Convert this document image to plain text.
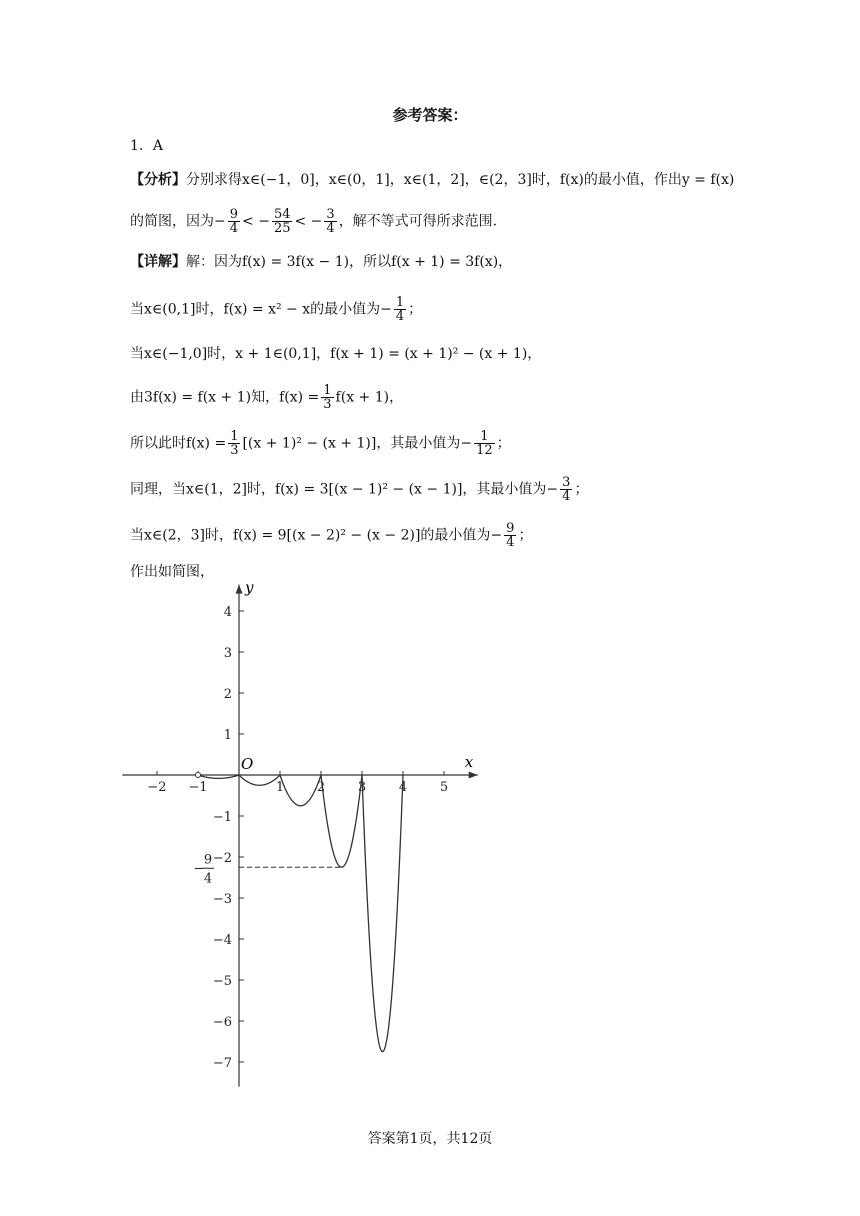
参考答案：
1．A
【分析】分别求得x∈(−1，0]，x∈(0，1]，x∈(1，2]，∈(2，3]时，f(x)的最小值，作出y = f(x)
的简图，因为− $\frac{9}{4}$ < − $\frac{54}{25}$ < − $\frac{3}{4}$ ，解不等式可得所求范围.
【详解】解：因为f(x) = 3f(x − 1)，所以f(x + 1) = 3f(x)，
当x∈(0,1]时，f(x) = x² − x的最小值为− $\frac{1}{4}$ ；
当x∈(−1,0]时，x + 1∈(0,1]，f(x + 1) = (x + 1)² − (x + 1)，
由3f(x) = f(x + 1)知，$f(x) = \frac{1}{3} f(x + 1)$，
所以此时$f(x) = \frac{1}{3} [(x + 1)^2 - (x + 1)]$，其最小值为− $\frac{1}{12}$ ；
同理，当x∈(1，2]时，f(x) = 3[(x − 1)² − (x − 1)]，其最小值为− $\frac{3}{4}$ ；
当x∈(2，3]时，f(x) = 9[(x − 2)² − (x − 2)]的最小值为− $\frac{9}{4}$ ；
作出如简图，
x
y
O
−2 −1	1	2	3	4	5
4
3
2
1
−1
−2
−3
−4
−5
−6
−7
−
9
4
答案第1页，共12页
